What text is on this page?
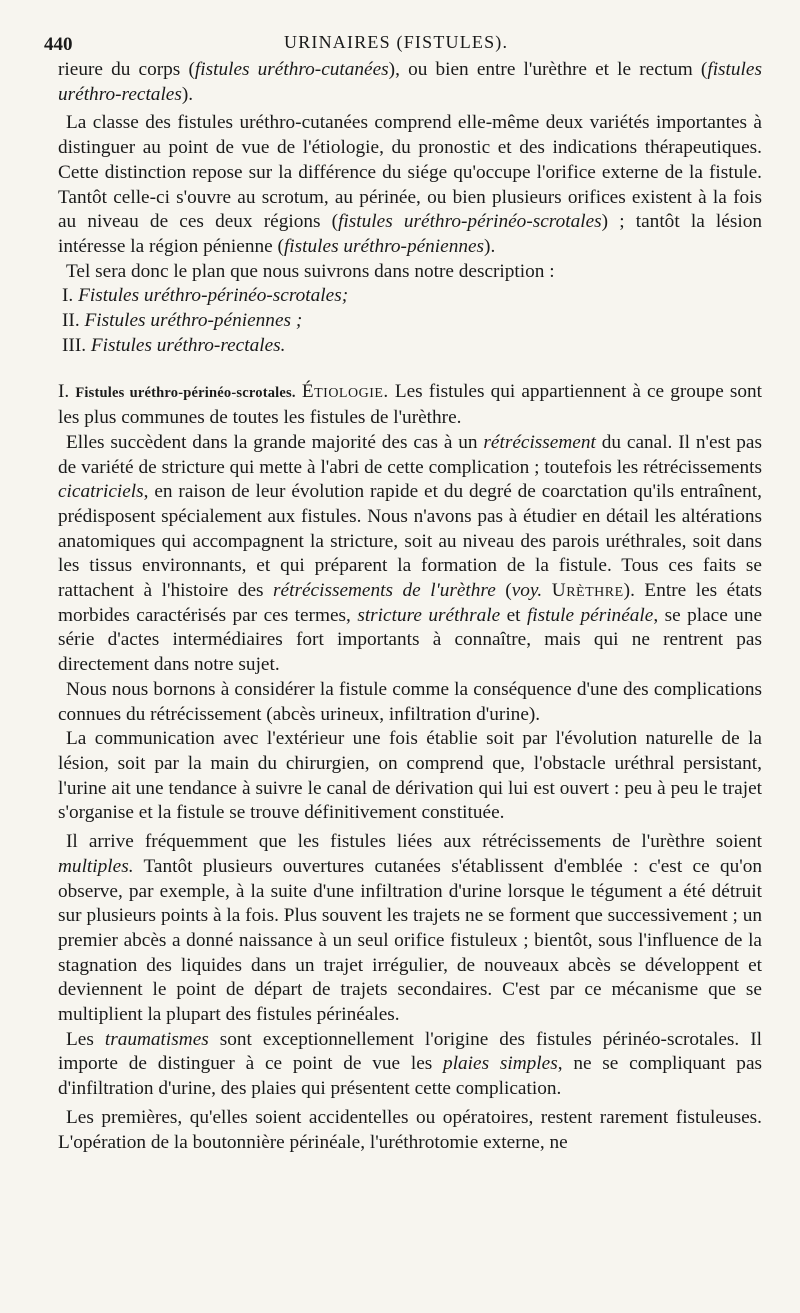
440	URINAIRES (FISTULES).

rieure du corps (fistules uréthro-cutanées), ou bien entre l'urèthre et le rectum (fistules uréthro-rectales).

La classe des fistules uréthro-cutanées comprend elle-même deux variétés importantes à distinguer au point de vue de l'étiologie, du pronostic et des indications thérapeutiques. Cette distinction repose sur la différence du siége qu'occupe l'orifice externe de la fistule. Tantôt celle-ci s'ouvre au scrotum, au périnée, ou bien plusieurs orifices existent à la fois au niveau de ces deux régions (fistules uréthro-périnéo-scrotales) ; tantôt la lésion intéresse la région pénienne (fistules uréthro-péniennes).

Tel sera donc le plan que nous suivrons dans notre description :

I. Fistules uréthro-périnéo-scrotales;

II. Fistules uréthro-péniennes ;

III. Fistules uréthro-rectales.

I. Fistules uréthro-périnéo-scrotales. Étiologie. Les fistules qui appartiennent à ce groupe sont les plus communes de toutes les fistules de l'urèthre.

Elles succèdent dans la grande majorité des cas à un rétrécissement du canal. Il n'est pas de variété de stricture qui mette à l'abri de cette complication ; toutefois les rétrécissements cicatriciels, en raison de leur évolution rapide et du degré de coarctation qu'ils entraînent, prédisposent spécialement aux fistules. Nous n'avons pas à étudier en détail les altérations anatomiques qui accompagnent la stricture, soit au niveau des parois uréthrales, soit dans les tissus environnants, et qui préparent la formation de la fistule. Tous ces faits se rattachent à l'histoire des rétrécissements de l'urèthre (voy. Urèthre). Entre les états morbides caractérisés par ces termes, stricture uréthrale et fistule périnéale, se place une série d'actes intermédiaires fort importants à connaître, mais qui ne rentrent pas directement dans notre sujet.

Nous nous bornons à considérer la fistule comme la conséquence d'une des complications connues du rétrécissement (abcès urineux, infiltration d'urine).

La communication avec l'extérieur une fois établie soit par l'évolution naturelle de la lésion, soit par la main du chirurgien, on comprend que, l'obstacle uréthral persistant, l'urine ait une tendance à suivre le canal de dérivation qui lui est ouvert : peu à peu le trajet s'organise et la fistule se trouve définitivement constituée.

Il arrive fréquemment que les fistules liées aux rétrécissements de l'urèthre soient multiples. Tantôt plusieurs ouvertures cutanées s'établissent d'emblée : c'est ce qu'on observe, par exemple, à la suite d'une infiltration d'urine lorsque le tégument a été détruit sur plusieurs points à la fois. Plus souvent les trajets ne se forment que successivement ; un premier abcès a donné naissance à un seul orifice fistuleux ; bientôt, sous l'influence de la stagnation des liquides dans un trajet irrégulier, de nouveaux abcès se développent et deviennent le point de départ de trajets secondaires. C'est par ce mécanisme que se multiplient la plupart des fistules périnéales.

Les traumatismes sont exceptionnellement l'origine des fistules périnéo-scrotales. Il importe de distinguer à ce point de vue les plaies simples, ne se compliquant pas d'infiltration d'urine, des plaies qui présentent cette complication.

Les premières, qu'elles soient accidentelles ou opératoires, restent rarement fistuleuses. L'opération de la boutonnière périnéale, l'uréthrotomie externe, ne
